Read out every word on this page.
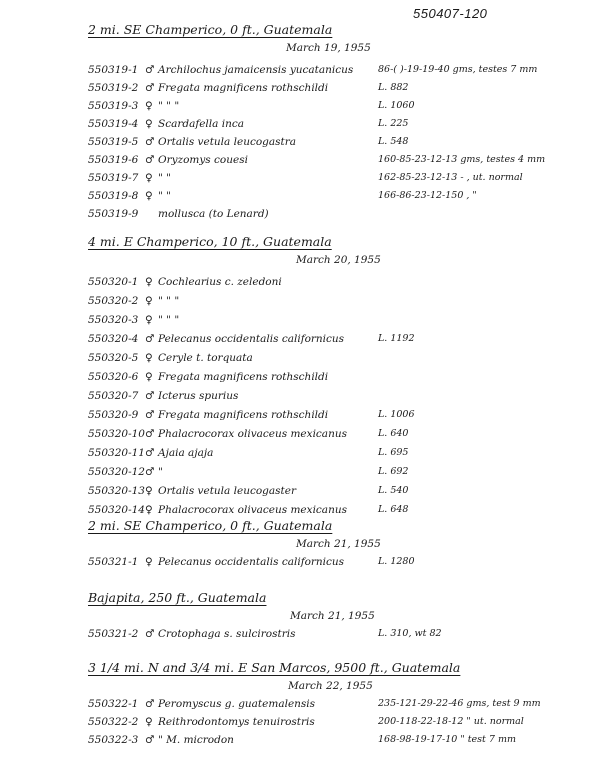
550407-120
2 mi. SE Champerico, 0 ft., Guatemala
March 19, 1955
550319-1 ♂ Archilochus jamaicensis yucatanicus	86-( )-19-19-40 gms, testes 7 mm
550319-2 ♂ Fregata magnificens rothschildi	L. 882
550319-3 ♀ " " "	L. 1060
550319-4 ♀ Scardafella inca	L. 225
550319-5 ♂ Ortalis vetula leucogastra	L. 548
550319-6 ♂ Oryzomys couesi	160-85-23-12-13 gms, testes 4 mm
550319-7 ♀ " "	162-85-23-12-13 - , ut. normal
550319-8 ♀ " "	166-86-23-12-150 , "
550319-9 mollusca (to Lenard)
4 mi. E Champerico, 10 ft., Guatemala
March 20, 1955
550320-1 ♀ Cochlearius c. zeledoni
550320-2 ♀ " " "
550320-3 ♀ " " "
550320-4 ♂ Pelecanus occidentalis californicus	L. 1192
550320-5 ♀ Ceryle t. torquata
550320-6 ♀ Fregata magnificens rothschildi
550320-7 ♂ Icterus spurius
550320-9 ♂ Fregata magnificens rothschildi	L. 1006
550320-10 ♂ Phalacrocorax olivaceus mexicanus	L. 640
550320-11 ♂ Ajaia ajaja	L. 695
550320-12 ♂ "	L. 692
550320-13 ♀ Ortalis vetula leucogaster	L. 540
550320-14 ♀ Phalacrocorax olivaceus mexicanus	L. 648
2 mi. SE Champerico, 0 ft., Guatemala
March 21, 1955
550321-1 ♀ Pelecanus occidentalis californicus	L. 1280
Bajapita, 250 ft., Guatemala
March 21, 1955
550321-2 ♂ Crotophaga s. sulcirostris	L. 310, wt 82
3 1/4 mi. N and 3/4 mi. E San Marcos, 9500 ft., Guatemala
March 22, 1955
550322-1 ♂ Peromyscus g. guatemalensis	235-121-29-22-46 gms, test 9 mm
550322-2 ♀ Reithrodontomys tenuirostris	200-118-22-18-12 " ut. normal
550322-3 ♂ " M. microdon	168-98-19-17-10 " test 7 mm
